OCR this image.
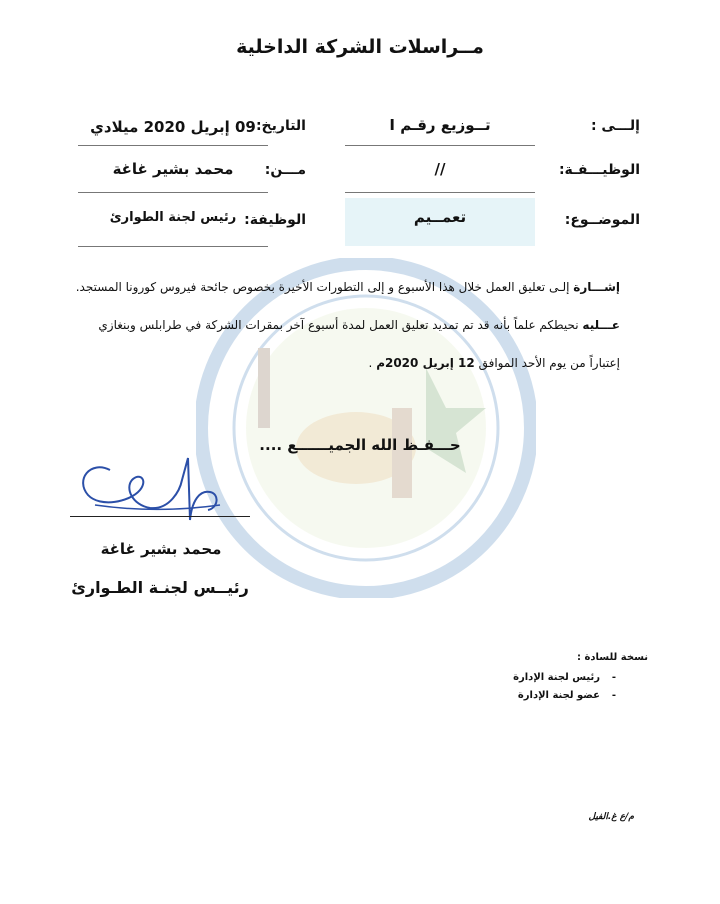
مــراسلات الشركة الداخلية
إلـــى :
تــوزيع رقـم I
التاريخ:
09 إبريل 2020 ميلادي
الوظيـــفـة:
//
مـــن:
محمد بشير غاغة
الموضــوع:
تعمــيم
الوظيفة:
رئيس لجنة الطوارئ
إشـــارة إلـى تعليق العمل خلال هذا الأسبوع و إلى التطورات الأخيرة بخصوص جائحة فيروس كورونا المستجد.
عـــليه نحيطكم علماً بأنه قد تم تمديد تعليق العمل لمدة أسبوع آخر بمقرات الشركة في طرابلس وبنغازي
إعتباراً من يوم الأحد الموافق 12 إبريل 2020م .
حـــفـظ الله الجميــــــع ....
محمد بشير غاغة
رئيــس لجنـة الطـوارئ
نسخة للسادة :
-
رئيس لجنة الإدارة
-
عضو لجنة الإدارة
م/ع غ.الفيل
